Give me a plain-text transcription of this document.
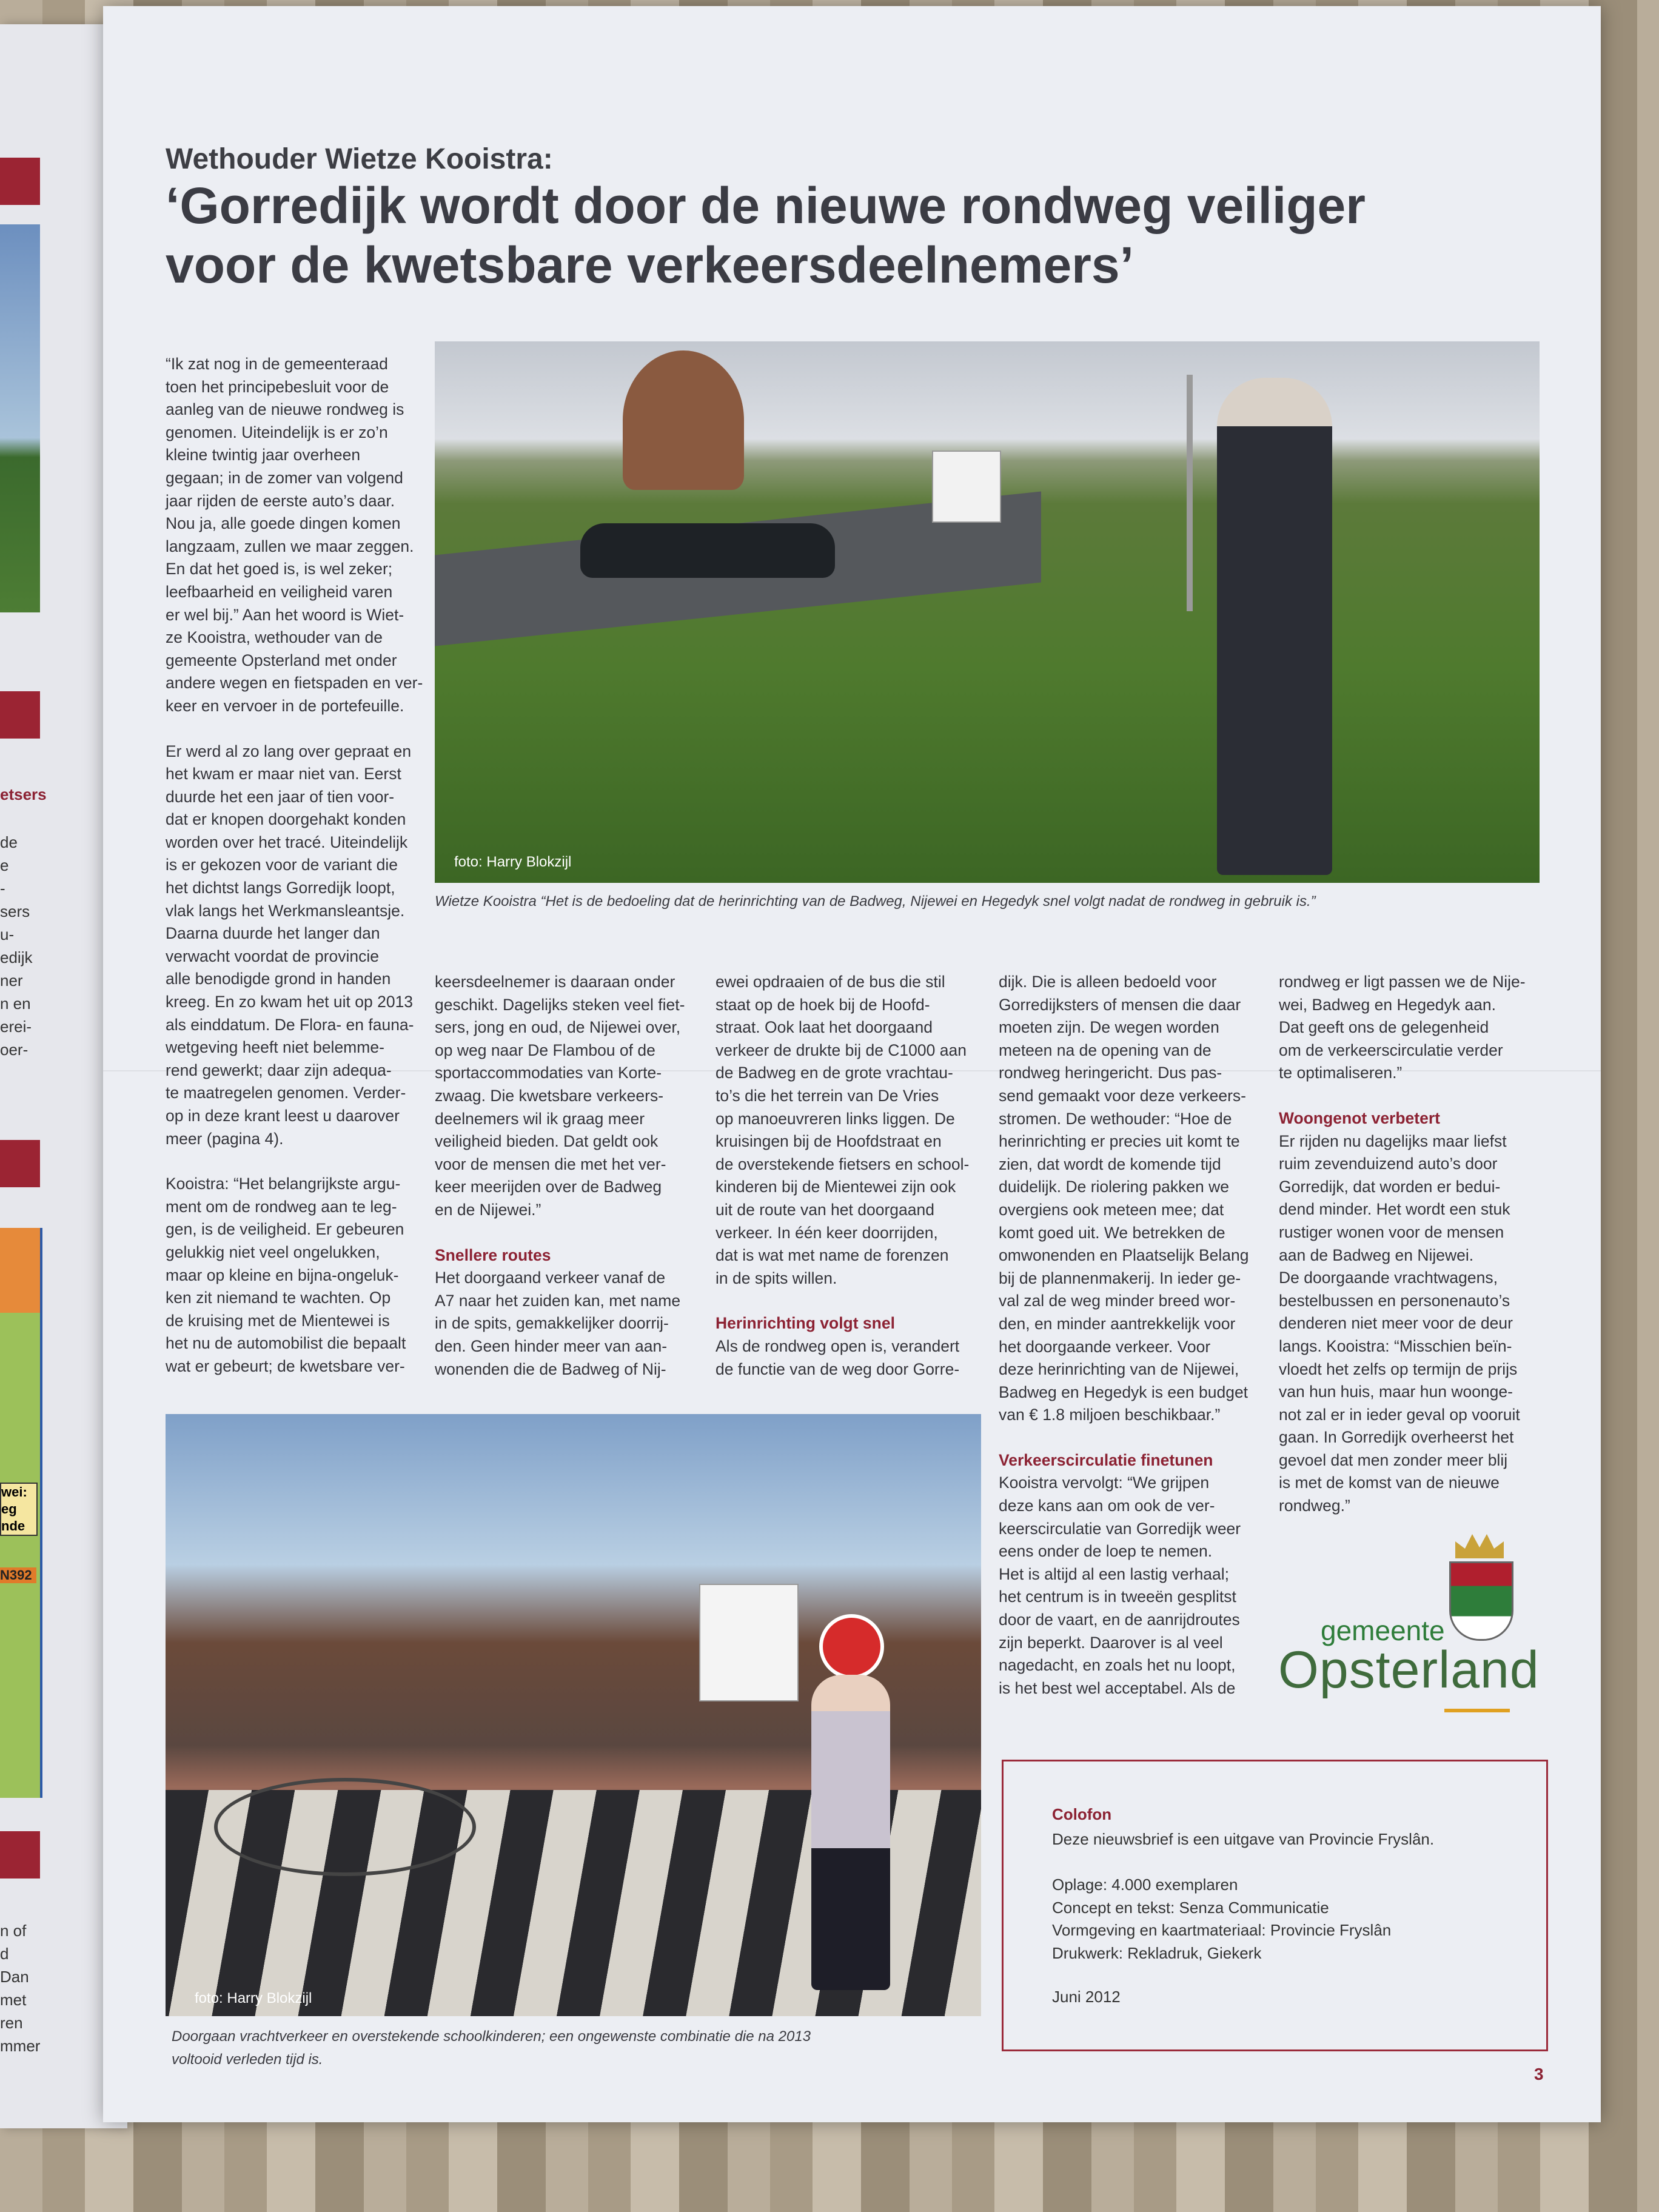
etsers
de
e
-
sers
u-
edijk
ner
n en
erei-
oer-
wei:
eg
nde
N392
n of
d
Dan
met
ren
mmer
Wethouder Wietze Kooistra:

‘Gorredijk wordt door de nieuwe rondweg veiliger

voor de kwetsbare verkeersdeelnemers’

“Ik zat nog in de gemeenteraad
toen het principebesluit voor de
aanleg van de nieuwe rondweg is
genomen. Uiteindelijk is er zo’n
kleine twintig jaar overheen
gegaan; in de zomer van volgend
jaar rijden de eerste auto’s daar.
Nou ja, alle goede dingen komen
langzaam, zullen we maar zeggen.
En dat het goed is, is wel zeker;
leefbaarheid en veiligheid varen
er wel bij.” Aan het woord is Wiet-
ze Kooistra, wethouder van de
gemeente Opsterland met onder
andere wegen en fietspaden en ver-
keer en vervoer in de portefeuille.

Er werd al zo lang over gepraat en
het kwam er maar niet van. Eerst
duurde het een jaar of tien voor-
dat er knopen doorgehakt konden
worden over het tracé. Uiteindelijk
is er gekozen voor de variant die
het dichtst langs Gorredijk loopt,
vlak langs het Werkmansleantsje.
Daarna duurde het langer dan
verwacht voordat de provincie
alle benodigde grond in handen
kreeg. En zo kwam het uit op 2013
als einddatum. De Flora- en fauna-
wetgeving heeft niet belemme-
rend gewerkt; daar zijn adequa-
te maatregelen genomen. Verder-
op in deze krant leest u daarover
meer (pagina 4).

Kooistra: “Het belangrijkste argu-
ment om de rondweg aan te leg-
gen, is de veiligheid. Er gebeuren
gelukkig niet veel ongelukken,
maar op kleine en bijna-ongeluk-
ken zit niemand te wachten. Op
de kruising met de Mientewei is
het nu de automobilist die bepaalt
wat er gebeurt; de kwetsbare ver-

foto: Harry Blokzijl
Wietze Kooistra “Het is de bedoeling dat de herinrichting van de Badweg, Nijewei en Hegedyk snel volgt nadat de rondweg in gebruik is.”

keersdeelnemer is daaraan onder
geschikt. Dagelijks steken veel fiet-
sers, jong en oud, de Nijewei over,
op weg naar De Flambou of de
sportaccommodaties van Korte-
zwaag. Die kwetsbare verkeers-
deelnemers wil ik graag meer
veiligheid bieden. Dat geldt ook
voor de mensen die met het ver-
keer meerijden over de Badweg
en de Nijewei.”

Snellere routes

Het doorgaand verkeer vanaf de
A7 naar het zuiden kan, met name
in de spits, gemakkelijker doorrij-
den. Geen hinder meer van aan-
wonenden die de Badweg of Nij-

ewei opdraaien of de bus die stil
staat op de hoek bij de Hoofd-
straat. Ook laat het doorgaand
verkeer de drukte bij de C1000 aan
de Badweg en de grote vrachtau-
to’s die het terrein van De Vries
op manoeuvreren links liggen. De
kruisingen bij de Hoofdstraat en
de overstekende fietsers en school-
kinderen bij de Mientewei zijn ook
uit de route van het doorgaand
verkeer. In één keer doorrijden,
dat is wat met name de forenzen
in de spits willen.

Herinrichting volgt snel

Als de rondweg open is, verandert
de functie van de weg door Gorre-

dijk. Die is alleen bedoeld voor
Gorredijksters of mensen die daar
moeten zijn. De wegen worden
meteen na de opening van de
rondweg heringericht. Dus pas-
send gemaakt voor deze verkeers-
stromen. De wethouder: “Hoe de
herinrichting er precies uit komt te
zien, dat wordt de komende tijd
duidelijk. De riolering pakken we
overgiens ook meteen mee; dat
komt goed uit. We betrekken de
omwonenden en Plaatselijk Belang
bij de plannenmakerij. In ieder ge-
val zal de weg minder breed wor-
den, en minder aantrekkelijk voor
het doorgaande verkeer. Voor
deze herinrichting van de Nijewei,
Badweg en Hegedyk is een budget
van € 1.8 miljoen beschikbaar.”

Verkeerscirculatie finetunen

Kooistra vervolgt: “We grijpen
deze kans aan om ook de ver-
keerscirculatie van Gorredijk weer
eens onder de loep te nemen.
Het is altijd al een lastig verhaal;
het centrum is in tweeën gesplitst
door de vaart, en de aanrijdroutes
zijn beperkt. Daarover is al veel
nagedacht, en zoals het nu loopt,
is het best wel acceptabel. Als de

rondweg er ligt passen we de Nije-
wei, Badweg en Hegedyk aan.
Dat geeft ons de gelegenheid
om de verkeerscirculatie verder
te optimaliseren.”

Woongenot verbetert

Er rijden nu dagelijks maar liefst
ruim zevenduizend auto’s door
Gorredijk, dat worden er bedui-
dend minder. Het wordt een stuk
rustiger wonen voor de mensen
aan de Badweg en Nijewei.
De doorgaande vrachtwagens,
bestelbussen en personenauto’s
denderen niet meer voor de deur
langs. Kooistra: “Misschien beïn-
vloedt het zelfs op termijn de prijs
van hun huis, maar hun woonge-
not zal er in ieder geval op vooruit
gaan. In Gorredijk overheerst het
gevoel dat men zonder meer blij
is met de komst van de nieuwe
rondweg.”

gemeente
Opsterland
foto: Harry Blokzijl
Doorgaan vrachtverkeer en overstekende schoolkinderen; een ongewenste combinatie die na 2013
voltooid verleden tijd is.
Colofon
Deze nieuwsbrief is een uitgave van Provincie Fryslân.
Oplage: 4.000 exemplaren
Concept en tekst: Senza Communicatie
Vormgeving en kaartmateriaal: Provincie Fryslân
Drukwerk: Rekladruk, Giekerk
Juni 2012
3
